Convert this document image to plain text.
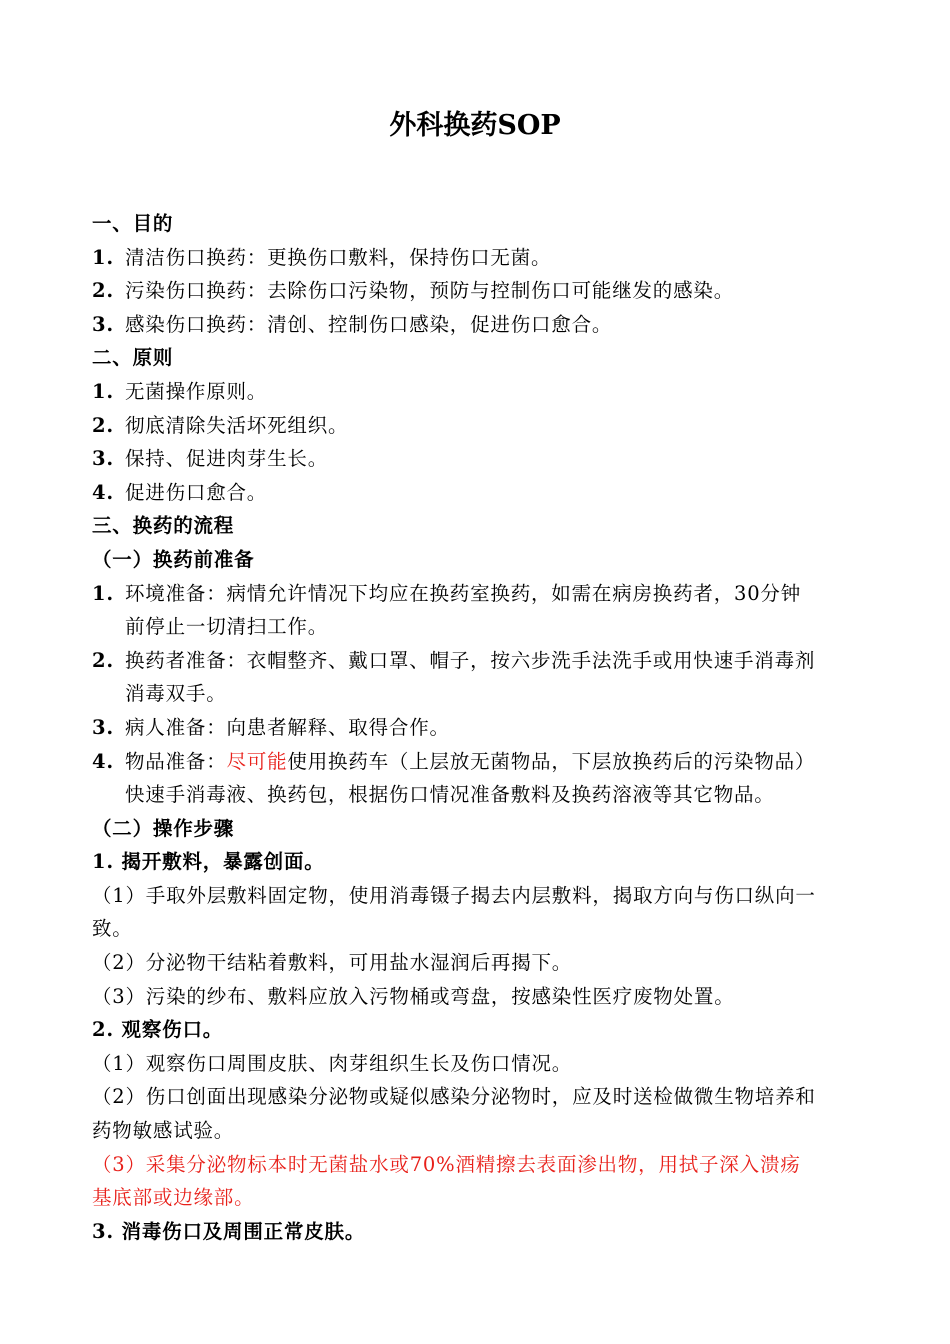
外科换药SOP
一、目的
1. 清洁伤口换药：更换伤口敷料，保持伤口无菌。
2. 污染伤口换药：去除伤口污染物，预防与控制伤口可能继发的感染。
3. 感染伤口换药：清创、控制伤口感染，促进伤口愈合。
二、原则
1. 无菌操作原则。
2. 彻底清除失活坏死组织。
3. 保持、促进肉芽生长。
4. 促进伤口愈合。
三、换药的流程
（一）换药前准备
1. 环境准备：病情允许情况下均应在换药室换药，如需在病房换药者，30分钟
前停止一切清扫工作。
2. 换药者准备：衣帽整齐、戴口罩、帽子，按六步洗手法洗手或用快速手消毒剂
消毒双手。
3. 病人准备：向患者解释、取得合作。
4. 物品准备：尽可能使用换药车（上层放无菌物品，下层放换药后的污染物品）
快速手消毒液、换药包，根据伤口情况准备敷料及换药溶液等其它物品。
（二）操作步骤
1. 揭开敷料，暴露创面。
（1）手取外层敷料固定物，使用消毒镊子揭去内层敷料，揭取方向与伤口纵向一
致。
（2）分泌物干结粘着敷料，可用盐水湿润后再揭下。
（3）污染的纱布、敷料应放入污物桶或弯盘，按感染性医疗废物处置。
2. 观察伤口。
（1）观察伤口周围皮肤、肉芽组织生长及伤口情况。
（2）伤口创面出现感染分泌物或疑似感染分泌物时，应及时送检做微生物培养和
药物敏感试验。
（3）采集分泌物标本时无菌盐水或70%酒精擦去表面渗出物，用拭子深入溃疡
基底部或边缘部。
3. 消毒伤口及周围正常皮肤。
